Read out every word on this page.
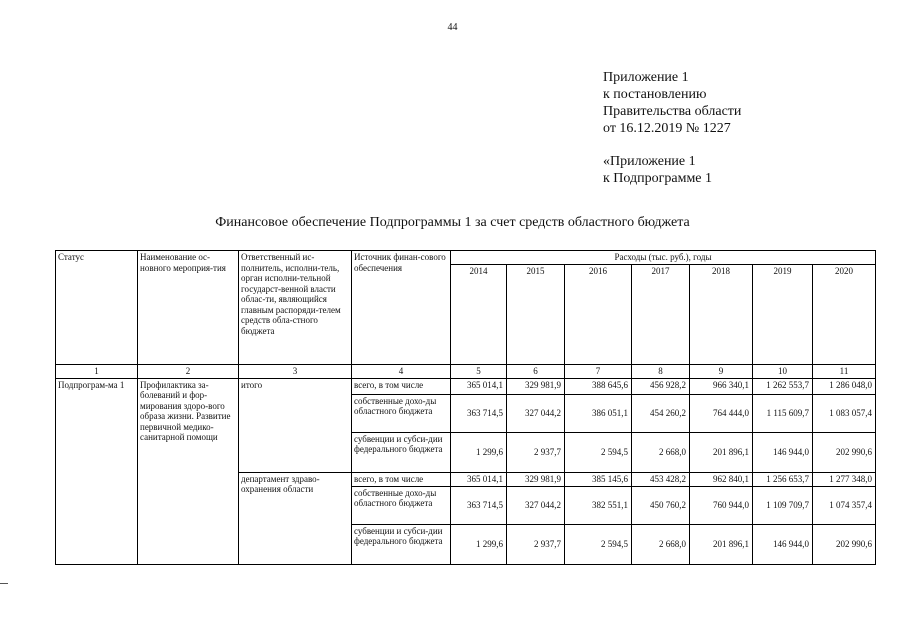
44
Приложение 1
к постановлению
Правительства области
от 16.12.2019 № 1227
«Приложение 1
к Подпрограмме 1
Финансовое обеспечение Подпрограммы 1 за счет средств областного бюджета
Статус	Наименование ос-новного мероприя-тия	Ответственный ис-полнитель, исполни-тель, орган исполни-тельной государст-венной власти облас-ти, являющийся главным распоряди-телем средств обла-стного бюджета	Источник финан-сового обеспечения	Расходы (тыс. руб.), годы						
				2014	2015	2016	2017	2018	2019	2020
1	2	3	4	5	6	7	8	9	10	11
Подпрограм-ма 1	Профилактика за-болеваний и фор-мирования здоро-вого образа жизни. Развитие первичной медико-санитарной помощи	итого	всего, в том числе	365 014,1	329 981,9	388 645,6	456 928,2	966 340,1	1 262 553,7	1 286 048,0
			собственные дохо-ды областного бюджета	363 714,5	327 044,2	386 051,1	454 260,2	764 444,0	1 115 609,7	1 083 057,4
			субвенции и субси-дии федерального бюджета	1 299,6	2 937,7	2 594,5	2 668,0	201 896,1	146 944,0	202 990,6
		департамент здраво-охранения области	всего, в том числе	365 014,1	329 981,9	385 145,6	453 428,2	962 840,1	1 256 653,7	1 277 348,0
			собственные дохо-ды областного бюджета	363 714,5	327 044,2	382 551,1	450 760,2	760 944,0	1 109 709,7	1 074 357,4
			субвенции и субси-дии федерального бюджета	1 299,6	2 937,7	2 594,5	2 668,0	201 896,1	146 944,0	202 990,6
